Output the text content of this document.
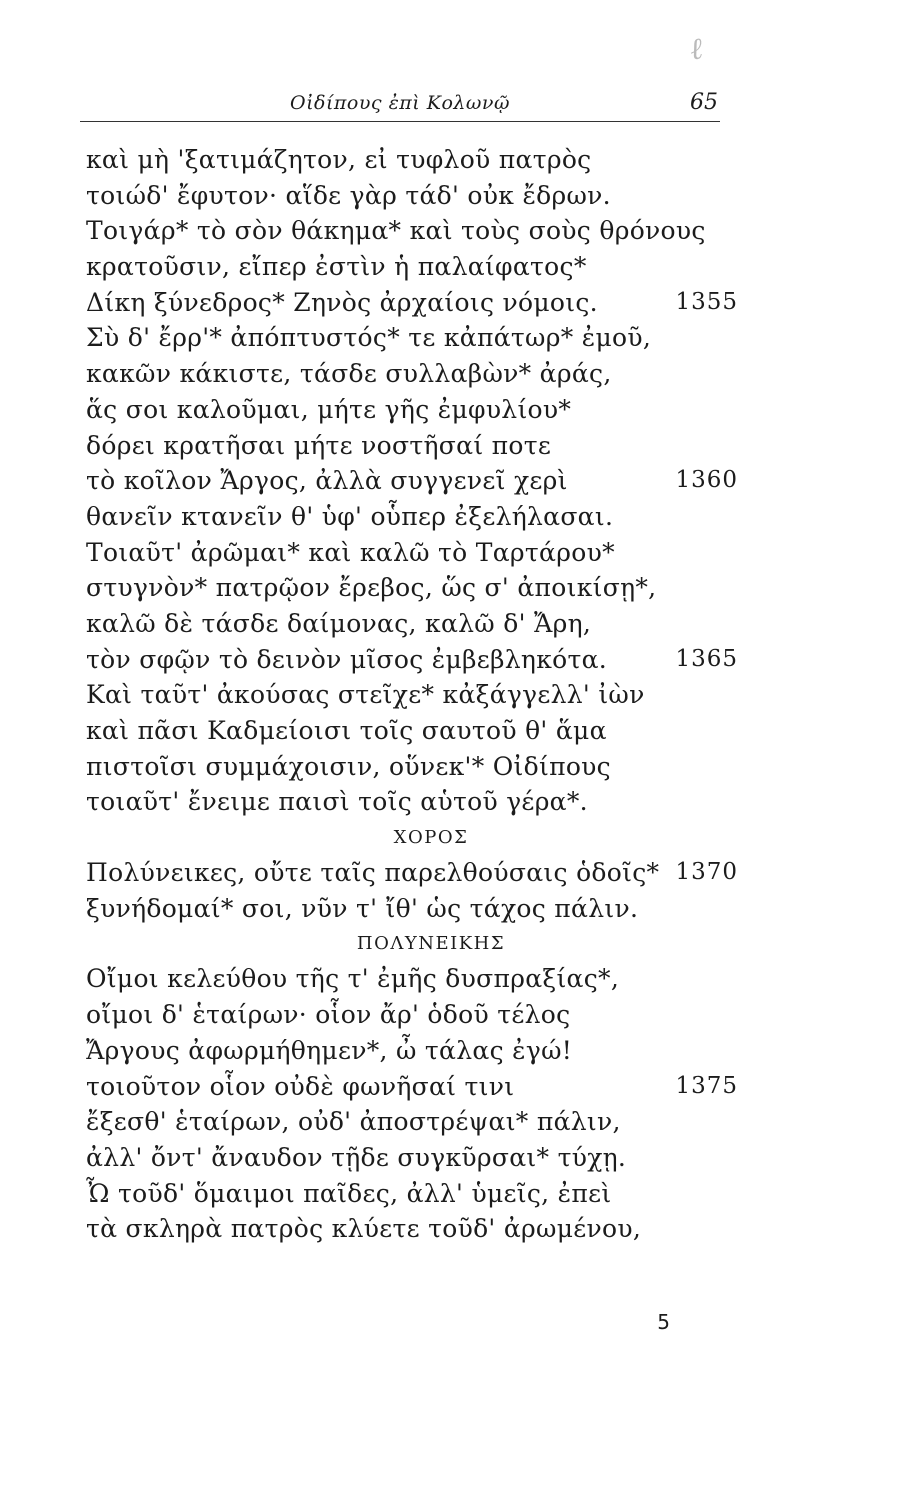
ℓ
Οἰδίπους ἐπὶ Κολωνῷ	65
καὶ μὴ 'ξατιμάζητον, εἰ τυφλοῦ πατρὸς
τοιώδ' ἔφυτον· αἵδε γὰρ τάδ' οὐκ ἔδρων.
Τοιγάρ* τὸ σὸν θάκημα* καὶ τοὺς σοὺς θρόνους
κρατοῦσιν, εἴπερ ἐστὶν ἡ παλαίφατος*
Δίκη ξύνεδρος* Ζηνὸς ἀρχαίοις νόμοις.	1355
Σὺ δ' ἔρρ'* ἀπόπτυστός* τε κἀπάτωρ* ἐμοῦ,
κακῶν κάκιστε, τάσδε συλλαβὼν* ἀράς,
ἅς σοι καλοῦμαι, μήτε γῆς ἐμφυλίου*
δόρει κρατῆσαι μήτε νοστῆσαί ποτε
τὸ κοῖλον Ἄργος, ἀλλὰ συγγενεῖ χερὶ	1360
θανεῖν κτανεῖν θ' ὑφ' οὗπερ ἐξελήλασαι.
Τοιαῦτ' ἀρῶμαι* καὶ καλῶ τὸ Ταρτάρου*
στυγνὸν* πατρῷον ἔρεβος, ὥς σ' ἀποικίσῃ*,
καλῶ δὲ τάσδε δαίμονας, καλῶ δ' Ἄρη,
τὸν σφῷν τὸ δεινὸν μῖσος ἐμβεβληκότα.	1365
Καὶ ταῦτ' ἀκούσας στεῖχε* κἀξάγγελλ' ἰὼν
καὶ πᾶσι Καδμείοισι τοῖς σαυτοῦ θ' ἅμα
πιστοῖσι συμμάχοισιν, οὕνεκ'* Οἰδίπους
τοιαῦτ' ἔνειμε παισὶ τοῖς αὑτοῦ γέρα*.
ΧΟΡΟΣ
Πολύνεικες, οὔτε ταῖς παρελθούσαις ὁδοῖς* 1370
ξυνήδομαί* σοι, νῦν τ' ἴθ' ὡς τάχος πάλιν.
ΠΟΛΥΝΕΙΚΗΣ
Οἴμοι κελεύθου τῆς τ' ἐμῆς δυσπραξίας*,
οἴμοι δ' ἑταίρων· οἷον ἄρ' ὁδοῦ τέλος
Ἄργους ἀφωρμήθημεν*, ὦ τάλας ἐγώ!
τοιοῦτον οἷον οὐδὲ φωνῆσαί τινι	1375
ἔξεσθ' ἑταίρων, οὐδ' ἀποστρέψαι* πάλιν,
ἀλλ' ὄντ' ἄναυδον τῇδε συγκῦρσαι* τύχῃ.
Ὦ τοῦδ' ὅμαιμοι παῖδες, ἀλλ' ὑμεῖς, ἐπεὶ
τὰ σκληρὰ πατρὸς κλύετε τοῦδ' ἀρωμένου,
5
